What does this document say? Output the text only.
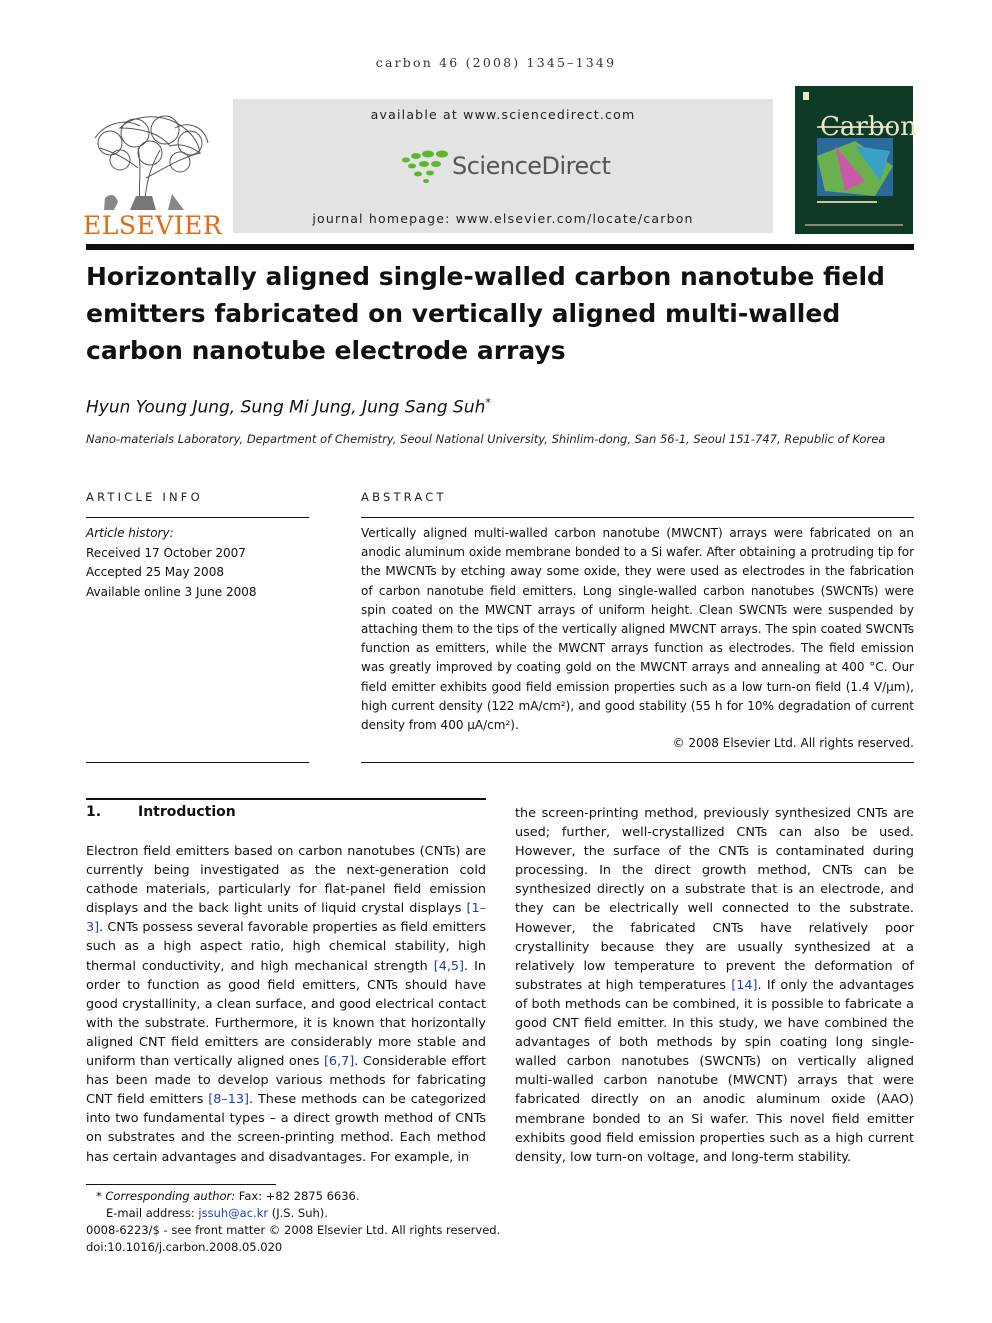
carbon 46 (2008) 1345–1349
ELSEVIER
available at www.sciencedirect.com
ScienceDirect
journal homepage: www.elsevier.com/locate/carbon
Carbon
Horizontally aligned single-walled carbon nanotube field
emitters fabricated on vertically aligned multi-walled
carbon nanotube electrode arrays
Hyun Young Jung, Sung Mi Jung, Jung Sang Suh*
Nano-materials Laboratory, Department of Chemistry, Seoul National University, Shinlim-dong, San 56-1, Seoul 151-747, Republic of Korea
ARTICLE INFO
Article history:
Received 17 October 2007
Accepted 25 May 2008
Available online 3 June 2008
ABSTRACT
Vertically aligned multi-walled carbon nanotube (MWCNT) arrays were fabricated on an anodic aluminum oxide membrane bonded to a Si wafer. After obtaining a protruding tip for the MWCNTs by etching away some oxide, they were used as electrodes in the fabrication of carbon nanotube field emitters. Long single-walled carbon nanotubes (SWCNTs) were spin coated on the MWCNT arrays of uniform height. Clean SWCNTs were suspended by attaching them to the tips of the vertically aligned MWCNT arrays. The spin coated SWCNTs function as emitters, while the MWCNT arrays function as electrodes. The field emission was greatly improved by coating gold on the MWCNT arrays and annealing at 400 °C. Our field emitter exhibits good field emission properties such as a low turn-on field (1.4 V/μm), high current density (122 mA/cm²), and good stability (55 h for 10% degradation of current density from 400 μA/cm²).
© 2008 Elsevier Ltd. All rights reserved.
1.	Introduction
Electron field emitters based on carbon nanotubes (CNTs) are currently being investigated as the next-generation cold cathode materials, particularly for flat-panel field emission displays and the back light units of liquid crystal displays [1–3]. CNTs possess several favorable properties as field emitters such as a high aspect ratio, high chemical stability, high thermal conductivity, and high mechanical strength [4,5]. In order to function as good field emitters, CNTs should have good crystallinity, a clean surface, and good electrical contact with the substrate. Furthermore, it is known that horizontally aligned CNT field emitters are considerably more stable and uniform than vertically aligned ones [6,7]. Considerable effort has been made to develop various methods for fabricating CNT field emitters [8–13]. These methods can be categorized into two fundamental types – a direct growth method of CNTs on substrates and the screen-printing method. Each method has certain advantages and disadvantages. For example, in
the screen-printing method, previously synthesized CNTs are used; further, well-crystallized CNTs can also be used. However, the surface of the CNTs is contaminated during processing. In the direct growth method, CNTs can be synthesized directly on a substrate that is an electrode, and they can be electrically well connected to the substrate. However, the fabricated CNTs have relatively poor crystallinity because they are usually synthesized at a relatively low temperature to prevent the deformation of substrates at high temperatures [14]. If only the advantages of both methods can be combined, it is possible to fabricate a good CNT field emitter. In this study, we have combined the advantages of both methods by spin coating long single-walled carbon nanotubes (SWCNTs) on vertically aligned multi-walled carbon nanotube (MWCNT) arrays that were fabricated directly on an anodic aluminum oxide (AAO) membrane bonded to an Si wafer. This novel field emitter exhibits good field emission properties such as a high current density, low turn-on voltage, and long-term stability.
* Corresponding author: Fax: +82 2875 6636.
E-mail address: jssuh@ac.kr (J.S. Suh).
0008-6223/$ - see front matter © 2008 Elsevier Ltd. All rights reserved.
doi:10.1016/j.carbon.2008.05.020
